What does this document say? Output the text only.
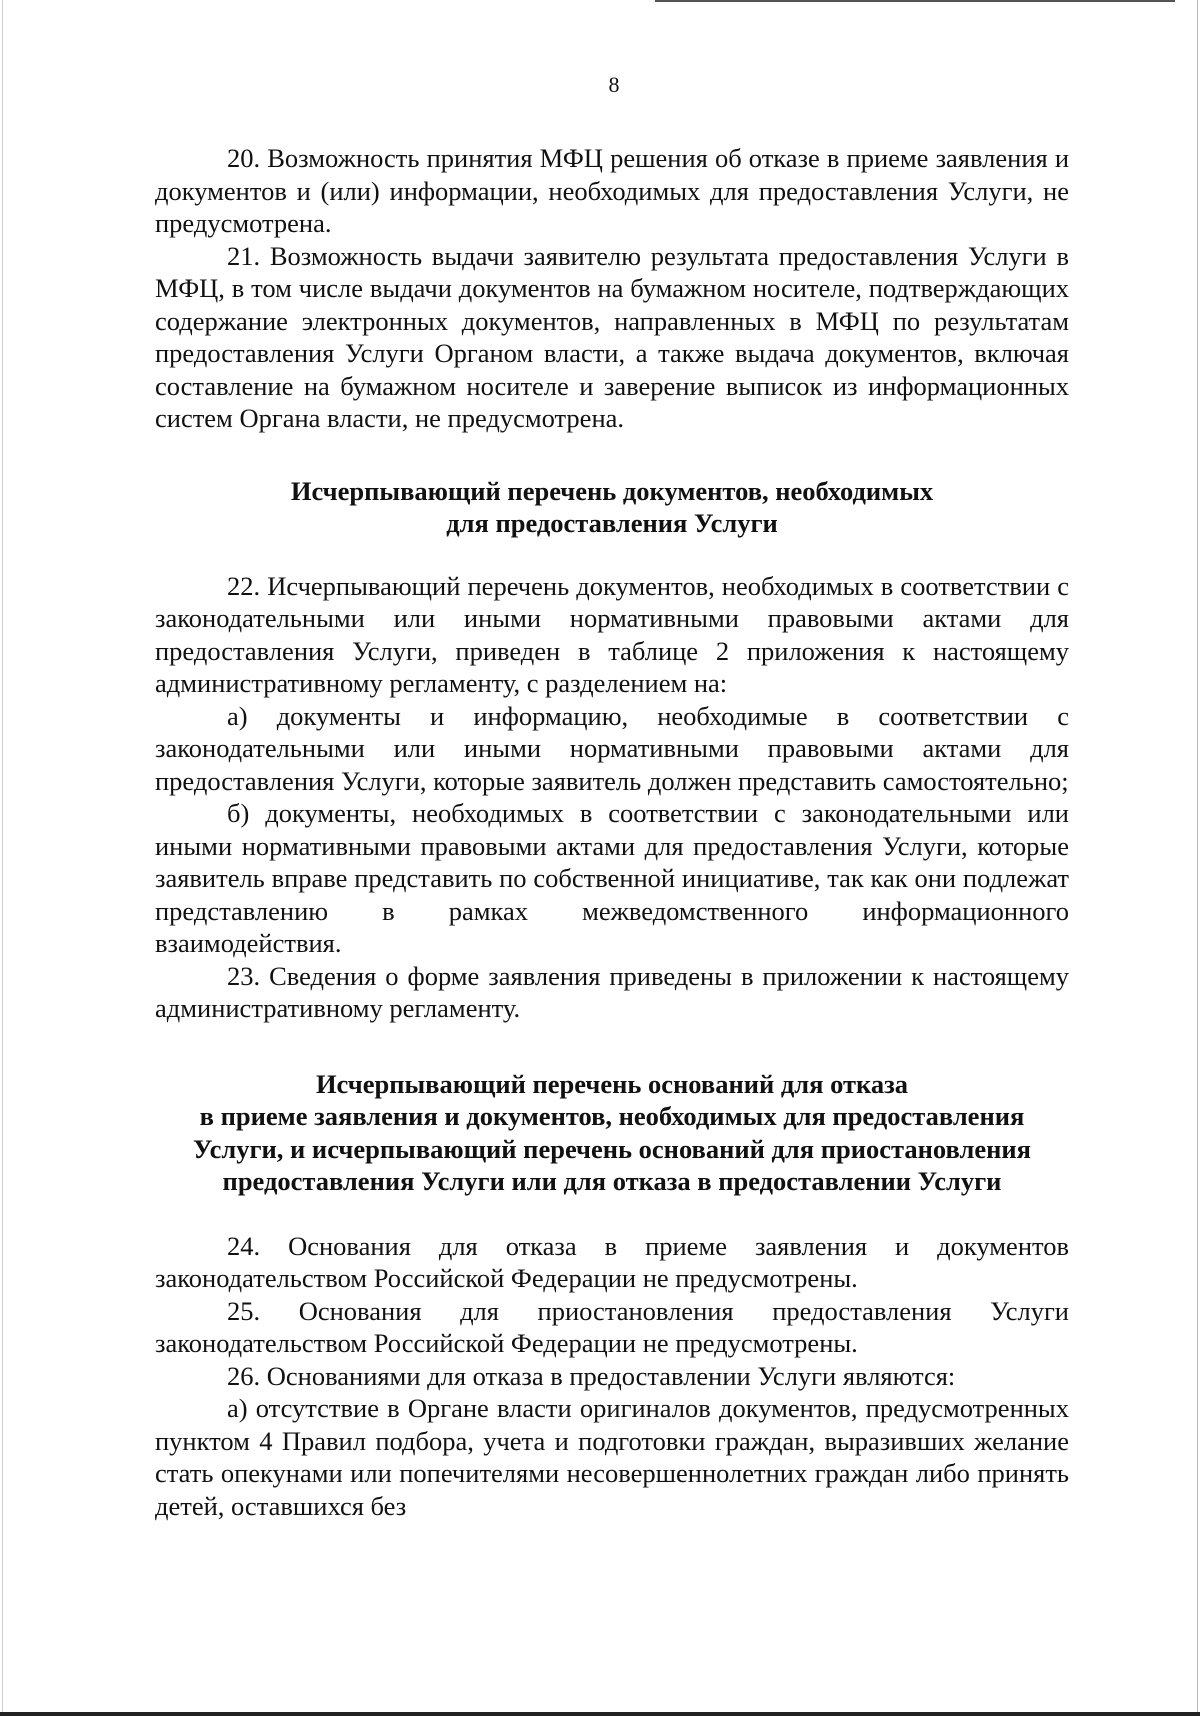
8

20. Возможность принятия МФЦ решения об отказе в приеме заявления и документов и (или) информации, необходимых для предоставления Услуги, не предусмотрена.

21. Возможность выдачи заявителю результата предоставления Услуги в МФЦ, в том числе выдачи документов на бумажном носителе, подтверждающих содержание электронных документов, направленных в МФЦ по результатам предоставления Услуги Органом власти, а также выдача документов, включая составление на бумажном носителе и заверение выписок из информационных систем Органа власти, не предусмотрена.

Исчерпывающий перечень документов, необходимых

для предоставления Услуги

22. Исчерпывающий перечень документов, необходимых в соответствии с законодательными или иными нормативными правовыми актами для предоставления Услуги, приведен в таблице 2 приложения к настоящему административному регламенту, с разделением на:

а) документы и информацию, необходимые в соответствии с законодательными или иными нормативными правовыми актами для предоставления Услуги, которые заявитель должен представить самостоятельно;

б) документы, необходимых в соответствии с законодательными или иными нормативными правовыми актами для предоставления Услуги, которые заявитель вправе представить по собственной инициативе, так как они подлежат представлению в рамках межведомственного информационного взаимодействия.

23. Сведения о форме заявления приведены в приложении к настоящему административному регламенту.

Исчерпывающий перечень оснований для отказа

в приеме заявления и документов, необходимых для предоставления

Услуги, и исчерпывающий перечень оснований для приостановления

предоставления Услуги или для отказа в предоставлении Услуги

24. Основания для отказа в приеме заявления и документов законодательством Российской Федерации не предусмотрены.

25. Основания для приостановления предоставления Услуги законодательством Российской Федерации не предусмотрены.

26. Основаниями для отказа в предоставлении Услуги являются:

а) отсутствие в Органе власти оригиналов документов, предусмотренных пунктом 4 Правил подбора, учета и подготовки граждан, выразивших желание стать опекунами или попечителями несовершеннолетних граждан либо принять детей, оставшихся без
